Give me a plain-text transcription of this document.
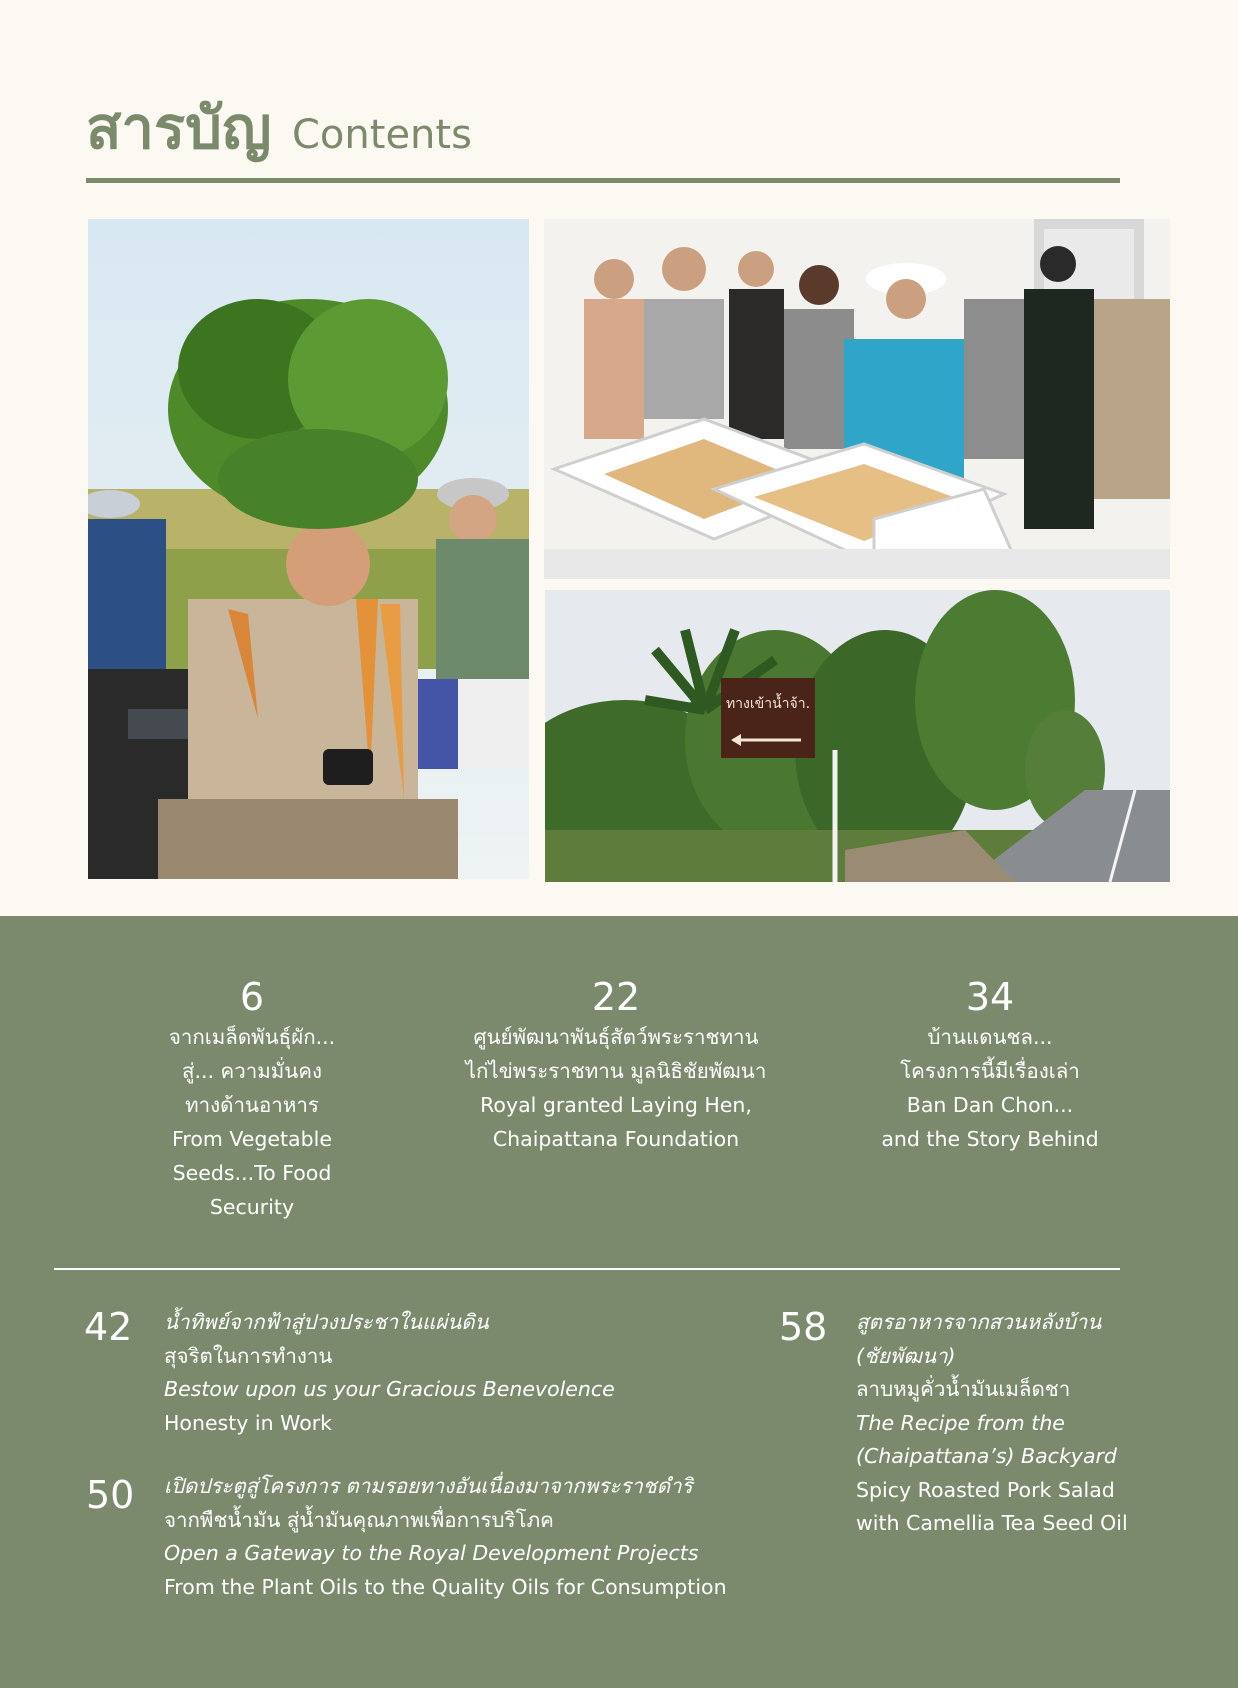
สารบัญ Contents
ทางเข้าน้ำจ้า.
6
จากเมล็ดพันธุ์ผัก...
สู่... ความมั่นคง
ทางด้านอาหาร
From Vegetable
Seeds...To Food
Security
22
ศูนย์พัฒนาพันธุ์สัตว์พระราชทาน
ไก่ไข่พระราชทาน มูลนิธิชัยพัฒนา
Royal granted Laying Hen,
Chaipattana Foundation
34
บ้านแดนชล...
โครงการนี้มีเรื่องเล่า
Ban Dan Chon...
and the Story Behind
42 น้ำทิพย์จากฟ้าสู่ปวงประชาในแผ่นดิน
สุจริตในการทำงาน
Bestow upon us your Gracious Benevolence
Honesty in Work
50 เปิดประตูสู่โครงการ ตามรอยทางอันเนื่องมาจากพระราชดำริ
จากพืชน้ำมัน สู่น้ำมันคุณภาพเพื่อการบริโภค
Open a Gateway to the Royal Development Projects
From the Plant Oils to the Quality Oils for Consumption
58 สูตรอาหารจากสวนหลังบ้าน
(ชัยพัฒนา)
ลาบหมูคั่วน้ำมันเมล็ดชา
The Recipe from the
(Chaipattana’s) Backyard
Spicy Roasted Pork Salad
with Camellia Tea Seed Oil
